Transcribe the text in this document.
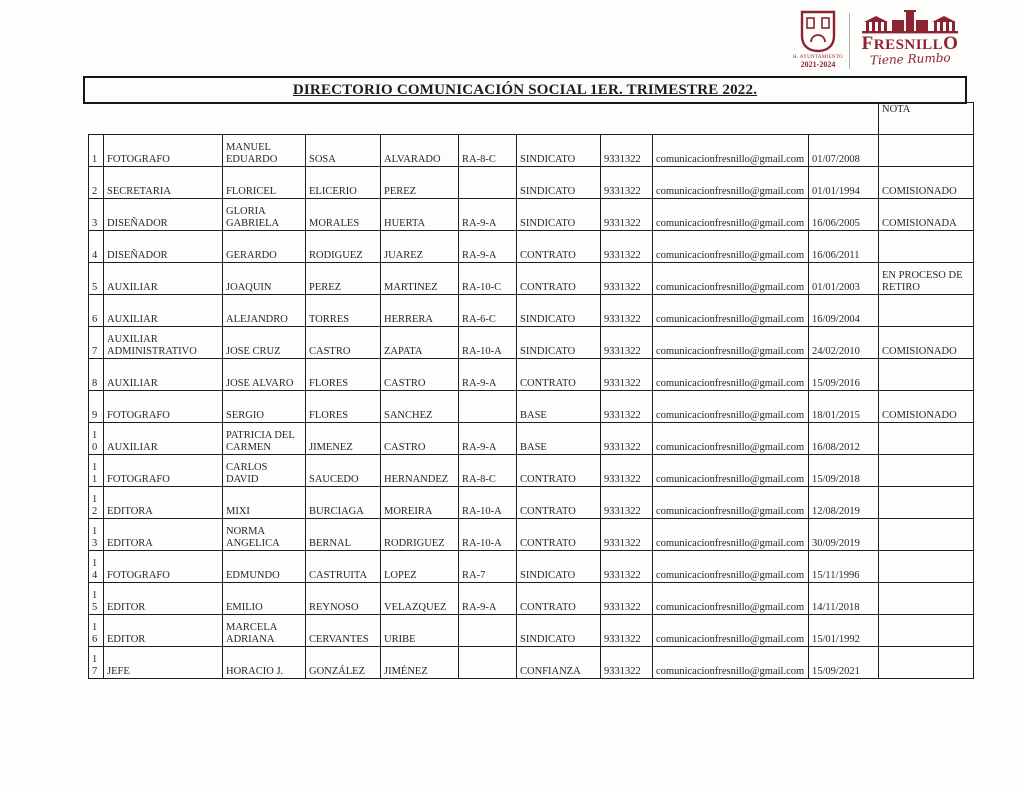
H. AYUNTAMIENTO
2021-2024
FRESNILLO
Tiene Rumbo
DIRECTORIO COMUNICACIÓN SOCIAL 1ER. TRIMESTRE 2022.
										NOTA
1	FOTOGRAFO	MANUEL EDUARDO	SOSA	ALVARADO	RA-8-C	SINDICATO	9331322	comunicacionfresnillo@gmail.com	01/07/2008	
2	SECRETARIA	FLORICEL	ELICERIO	PEREZ		SINDICATO	9331322	comunicacionfresnillo@gmail.com	01/01/1994	COMISIONADO
3	DISEÑADOR	GLORIA GABRIELA	MORALES	HUERTA	RA-9-A	SINDICATO	9331322	comunicacionfresnillo@gmail.com	16/06/2005	COMISIONADA
4	DISEÑADOR	GERARDO	RODIGUEZ	JUAREZ	RA-9-A	CONTRATO	9331322	comunicacionfresnillo@gmail.com	16/06/2011	
5	AUXILIAR	JOAQUIN	PEREZ	MARTINEZ	RA-10-C	CONTRATO	9331322	comunicacionfresnillo@gmail.com	01/01/2003	EN PROCESO DE RETIRO
6	AUXILIAR	ALEJANDRO	TORRES	HERRERA	RA-6-C	SINDICATO	9331322	comunicacionfresnillo@gmail.com	16/09/2004	
7	AUXILIAR ADMINISTRATIVO	JOSE CRUZ	CASTRO	ZAPATA	RA-10-A	SINDICATO	9331322	comunicacionfresnillo@gmail.com	24/02/2010	COMISIONADO
8	AUXILIAR	JOSE ALVARO	FLORES	CASTRO	RA-9-A	CONTRATO	9331322	comunicacionfresnillo@gmail.com	15/09/2016	
9	FOTOGRAFO	SERGIO	FLORES	SANCHEZ		BASE	9331322	comunicacionfresnillo@gmail.com	18/01/2015	COMISIONADO
10	AUXILIAR	PATRICIA DEL CARMEN	JIMENEZ	CASTRO	RA-9-A	BASE	9331322	comunicacionfresnillo@gmail.com	16/08/2012	
11	FOTOGRAFO	CARLOS DAVID	SAUCEDO	HERNANDEZ	RA-8-C	CONTRATO	9331322	comunicacionfresnillo@gmail.com	15/09/2018	
12	EDITORA	MIXI	BURCIAGA	MOREIRA	RA-10-A	CONTRATO	9331322	comunicacionfresnillo@gmail.com	12/08/2019	
13	EDITORA	NORMA ANGELICA	BERNAL	RODRIGUEZ	RA-10-A	CONTRATO	9331322	comunicacionfresnillo@gmail.com	30/09/2019	
14	FOTOGRAFO	EDMUNDO	CASTRUITA	LOPEZ	RA-7	SINDICATO	9331322	comunicacionfresnillo@gmail.com	15/11/1996	
15	EDITOR	EMILIO	REYNOSO	VELAZQUEZ	RA-9-A	CONTRATO	9331322	comunicacionfresnillo@gmail.com	14/11/2018	
16	EDITOR	MARCELA ADRIANA	CERVANTES	URIBE		SINDICATO	9331322	comunicacionfresnillo@gmail.com	15/01/1992	
17	JEFE	HORACIO J.	GONZÁLEZ	JIMÉNEZ		CONFIANZA	9331322	comunicacionfresnillo@gmail.com	15/09/2021	
